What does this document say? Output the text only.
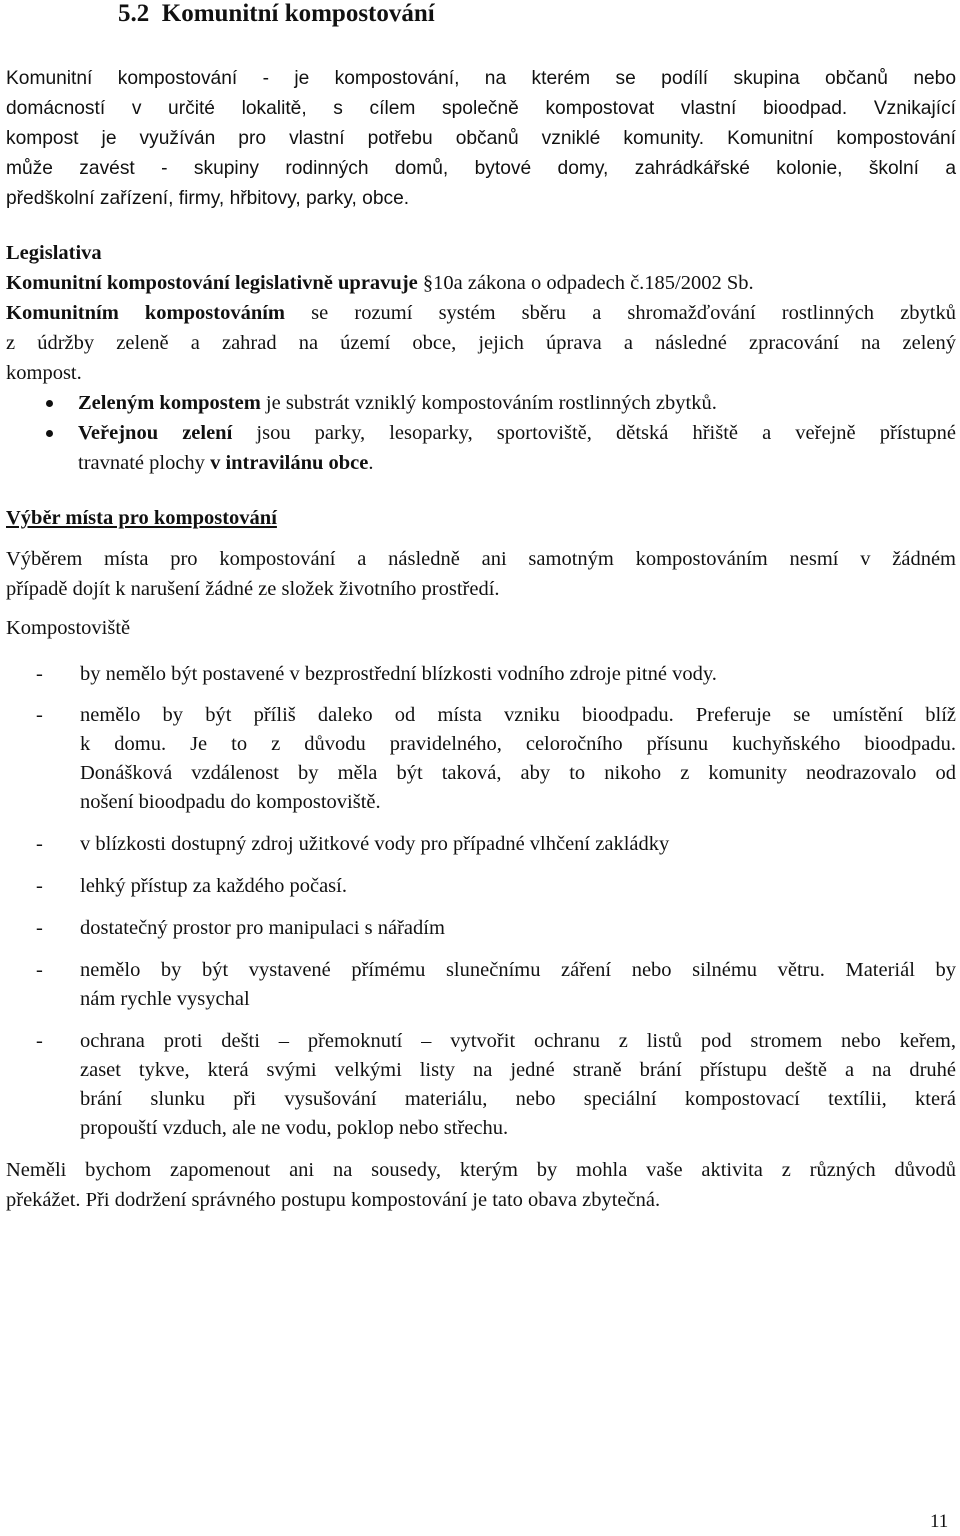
5.2 Komunitní kompostování

Komunitní kompostování - je kompostování, na kterém se podílí skupina občanů nebo

domácností v určité lokalitě, s cílem společně kompostovat vlastní bioodpad. Vznikající

kompost je využíván pro vlastní potřebu občanů vzniklé komunity. Komunitní kompostování

může zavést - skupiny rodinných domů, bytové domy, zahrádkářské kolonie, školní a

předškolní zařízení, firmy, hřbitovy, parky, obce.

Legislativa

Komunitní kompostování legislativně upravuje §10a zákona o odpadech č.185/2002 Sb.

Komunitním kompostováním se rozumí systém sběru a shromažďování rostlinných zbytků

z údržby zeleně a zahrad na území obce, jejich úprava a následné zpracování na zelený

kompost.

Zeleným kompostem je substrát vzniklý kompostováním rostlinných zbytků.
Veřejnou zelení jsou parky, lesoparky, sportoviště, dětská hřiště a veřejně přístupné
travnaté plochy v intravilánu obce.

Výběr místa pro kompostování

Výběrem místa pro kompostování a následně ani samotným kompostováním nesmí v žádném

případě dojít k narušení žádné ze složek životního prostředí.

Kompostoviště

- by nemělo být postavené v bezprostřední blízkosti vodního zdroje pitné vody.
- nemělo by být příliš daleko od místa vzniku bioodpadu. Preferuje se umístění blíž
k domu. Je to z důvodu pravidelného, celoročního přísunu kuchyňského bioodpadu.
Donášková vzdálenost by měla být taková, aby to nikoho z komunity neodrazovalo od
nošení bioodpadu do kompostoviště.
- v blízkosti dostupný zdroj užitkové vody pro případné vlhčení zakládky
- lehký přístup za každého počasí.
- dostatečný prostor pro manipulaci s nářadím
- nemělo by být vystavené přímému slunečnímu záření nebo silnému větru. Materiál by
nám rychle vysychal
- ochrana proti dešti – přemoknutí – vytvořit ochranu z listů pod stromem nebo keřem,
zaset tykve, která svými velkými listy na jedné straně brání přístupu deště a na druhé
brání slunku při vysušování materiálu, nebo speciální kompostovací textílii, která
propouští vzduch, ale ne vodu, poklop nebo střechu.

Neměli bychom zapomenout ani na sousedy, kterým by mohla vaše aktivita z různých důvodů

překážet. Při dodržení správného postupu kompostování je tato obava zbytečná.

11
